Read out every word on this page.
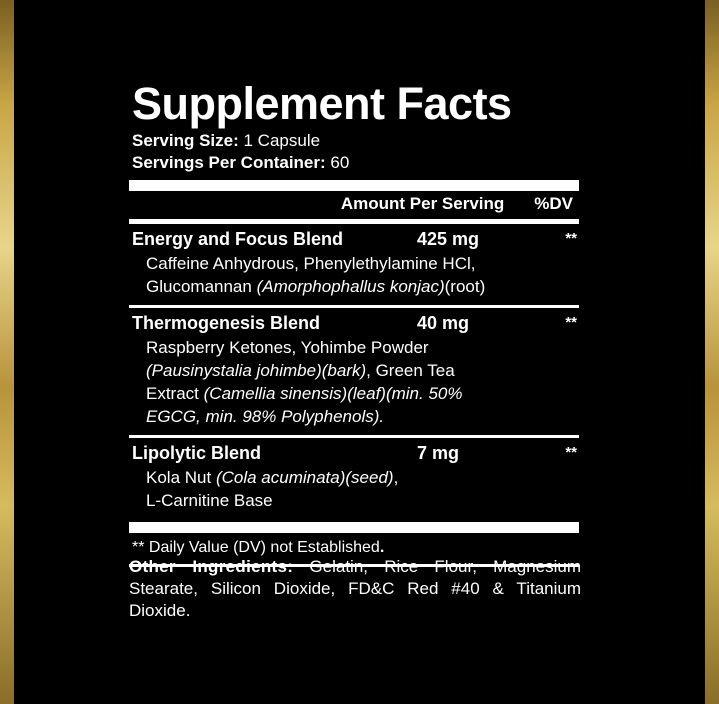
Supplement Facts
Serving Size: 1 Capsule
Servings Per Container: 60
Amount Per Serving %DV
Energy and Focus Blend	425 mg	**
Caffeine Anhydrous, Phenylethylamine HCl,
Glucomannan (Amorphophallus konjac)(root)
Thermogenesis Blend	40 mg	**
Raspberry Ketones, Yohimbe Powder
(Pausinystalia johimbe)(bark), Green Tea
Extract (Camellia sinensis)(leaf)(min. 50%
EGCG, min. 98% Polyphenols).
Lipolytic Blend	7 mg	**
Kola Nut (Cola acuminata)(seed),
L-Carnitine Base
** Daily Value (DV) not Established.
Other Ingredients: Gelatin, Rice Flour, Magnesium Stearate, Silicon Dioxide, FD&C Red #40 & Titanium Dioxide.
